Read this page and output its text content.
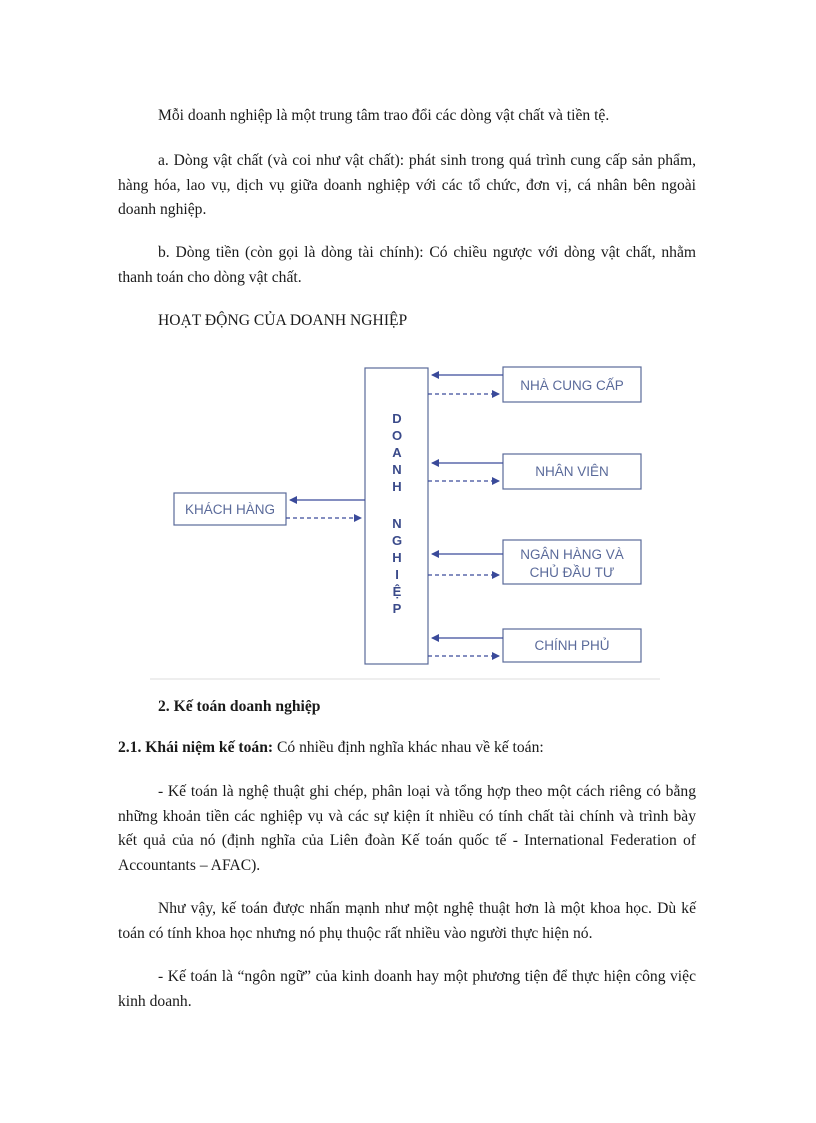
Mỗi doanh nghiệp là một trung tâm trao đổi các dòng vật chất và tiền tệ.

a. Dòng vật chất (và coi như vật chất): phát sinh trong quá trình cung cấp sản phẩm, hàng hóa, lao vụ, dịch vụ giữa doanh nghiệp với các tổ chức, đơn vị, cá nhân bên ngoài doanh nghiệp.

b. Dòng tiền (còn gọi là dòng tài chính): Có chiều ngược với dòng vật chất, nhằm thanh toán cho dòng vật chất.

HOẠT ĐỘNG CỦA DOANH NGHIỆP

D
O
A
N
H
N
G
H
I
Ệ
P
KHÁCH HÀNG
NHÀ CUNG CẤP
NHÂN VIÊN
NGÂN HÀNG VÀ
CHỦ ĐẦU TƯ
CHÍNH PHỦ

2. Kế toán doanh nghiệp

2.1. Khái niệm kế toán: Có nhiều định nghĩa khác nhau về kế toán:

- Kế toán là nghệ thuật ghi chép, phân loại và tổng hợp theo một cách riêng có bằng những khoản tiền các nghiệp vụ và các sự kiện ít nhiều có tính chất tài chính và trình bày kết quả của nó (định nghĩa của Liên đoàn Kế toán quốc tế - International Federation of Accountants – AFAC).

Như vậy, kế toán được nhấn mạnh như một nghệ thuật hơn là một khoa học. Dù kế toán có tính khoa học nhưng nó phụ thuộc rất nhiều vào người thực hiện nó.

- Kế toán là “ngôn ngữ” của kinh doanh hay một phương tiện để thực hiện công việc kinh doanh.
